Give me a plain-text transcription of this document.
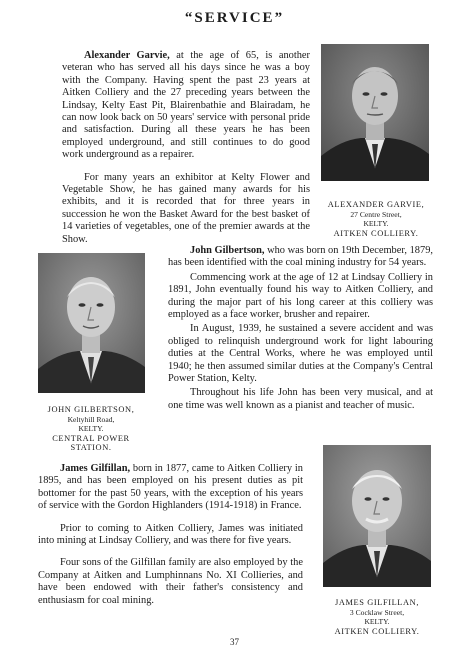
“SERVICE”

Alexander Garvie, at the age of 65, is another veteran who has served all his days since he was a boy with the Company. Having spent the past 23 years at Aitken Colliery and the 27 preceding years between the Lindsay, Kelty East Pit, Blairenbathie and Blairadam, he can now look back on 50 years' service with personal pride and satisfaction. During all these years he has been employed underground, and still continues to do good work underground as a repairer.

For many years an exhibitor at Kelty Flower and Vegetable Show, he has gained many awards for his exhibits, and it is recorded that for three years in succession he won the Basket Award for the best basket of 14 varieties of vegetables, one of the premier awards at the Show.

ALEXANDER GARVIE,
27 Centre Street,
KELTY.
AITKEN COLLIERY.
JOHN GILBERTSON,
Keltyhill Road,
KELTY.
CENTRAL POWER
STATION.

John Gilbertson, who was born on 19th December, 1879, has been identified with the coal mining industry for 54 years.

Commencing work at the age of 12 at Lindsay Colliery in 1891, John eventually found his way to Aitken Colliery, and during the major part of his long career at this colliery was employed as a face worker, brusher and repairer.

In August, 1939, he sustained a severe accident and was obliged to relinquish underground work for light labouring duties at the Central Works, where he was employed until 1940; he then assumed similar duties at the Company's Central Power Station, Kelty.

Throughout his life John has been very musical, and at one time was well known as a pianist and teacher of music.

James Gilfillan, born in 1877, came to Aitken Colliery in 1895, and has been employed on his present duties as pit bottomer for the past 50 years, with the exception of his years of service with the Gordon Highlanders (1914-1918) in France.

Prior to coming to Aitken Colliery, James was initiated into mining at Lindsay Colliery, and was there for five years.

Four sons of the Gilfillan family are also employed by the Company at Aitken and Lumphinnans No. XI Collieries, and have been endowed with their father's consistency and enthusiasm for coal mining.	JAMES GILFILLAN,
3 Cocklaw Street,
KELTY.
AITKEN COLLIERY.
37
